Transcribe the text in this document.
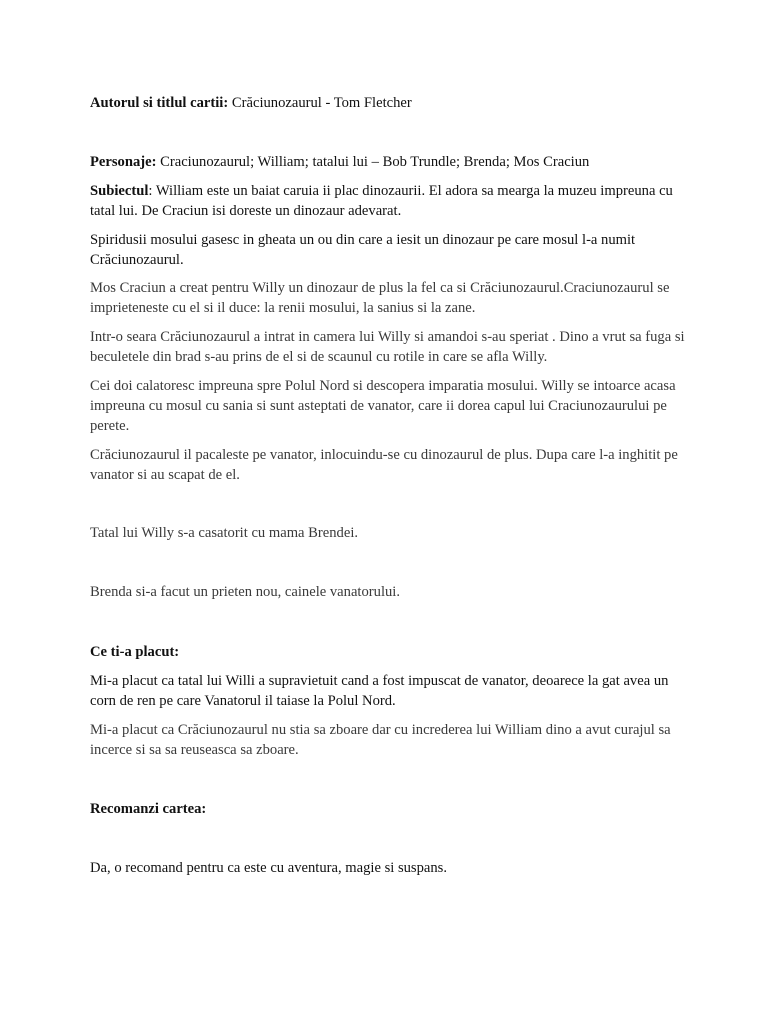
Autorul si titlul cartii: Crăciunozaurul - Tom Fletcher

Personaje: Craciunozaurul; William; tatalui lui – Bob Trundle; Brenda; Mos Craciun

Subiectul: William este un baiat caruia ii plac dinozaurii. El adora sa mearga la muzeu impreuna cu tatal lui. De Craciun isi doreste un dinozaur adevarat.

Spiridusii mosului gasesc in gheata un ou din care a iesit un dinozaur pe care mosul l-a numit Crăciunozaurul.

Mos Craciun a creat pentru Willy un dinozaur de plus la fel ca si Crăciunozaurul.Craciunozaurul se imprieteneste cu el si il duce: la renii mosului, la sanius si la zane.

Intr-o seara Crăciunozaurul a intrat in camera lui Willy si amandoi s-au speriat . Dino a vrut sa fuga si beculetele din brad s-au prins de el si de scaunul cu rotile in care se afla Willy.

Cei doi calatoresc impreuna spre Polul Nord si descopera imparatia mosului. Willy se intoarce acasa impreuna cu mosul cu sania si sunt asteptati de vanator, care ii dorea capul lui Craciunozaurului pe perete.

Crăciunozaurul il pacaleste pe vanator, inlocuindu-se cu dinozaurul de plus. Dupa care l-a inghitit pe vanator si au scapat de el.

Tatal lui Willy s-a casatorit cu mama Brendei.

Brenda si-a facut un prieten nou, cainele vanatorului.

Ce ti-a placut:

Mi-a placut ca tatal lui Willi a supravietuit cand a fost impuscat de vanator, deoarece la gat avea un corn de ren pe care Vanatorul il taiase la Polul Nord.

Mi-a placut ca Crăciunozaurul nu stia sa zboare dar cu increderea lui William dino a avut curajul sa incerce si sa sa reuseasca sa zboare.

Recomanzi cartea:

Da, o recomand pentru ca este cu aventura, magie si suspans.
